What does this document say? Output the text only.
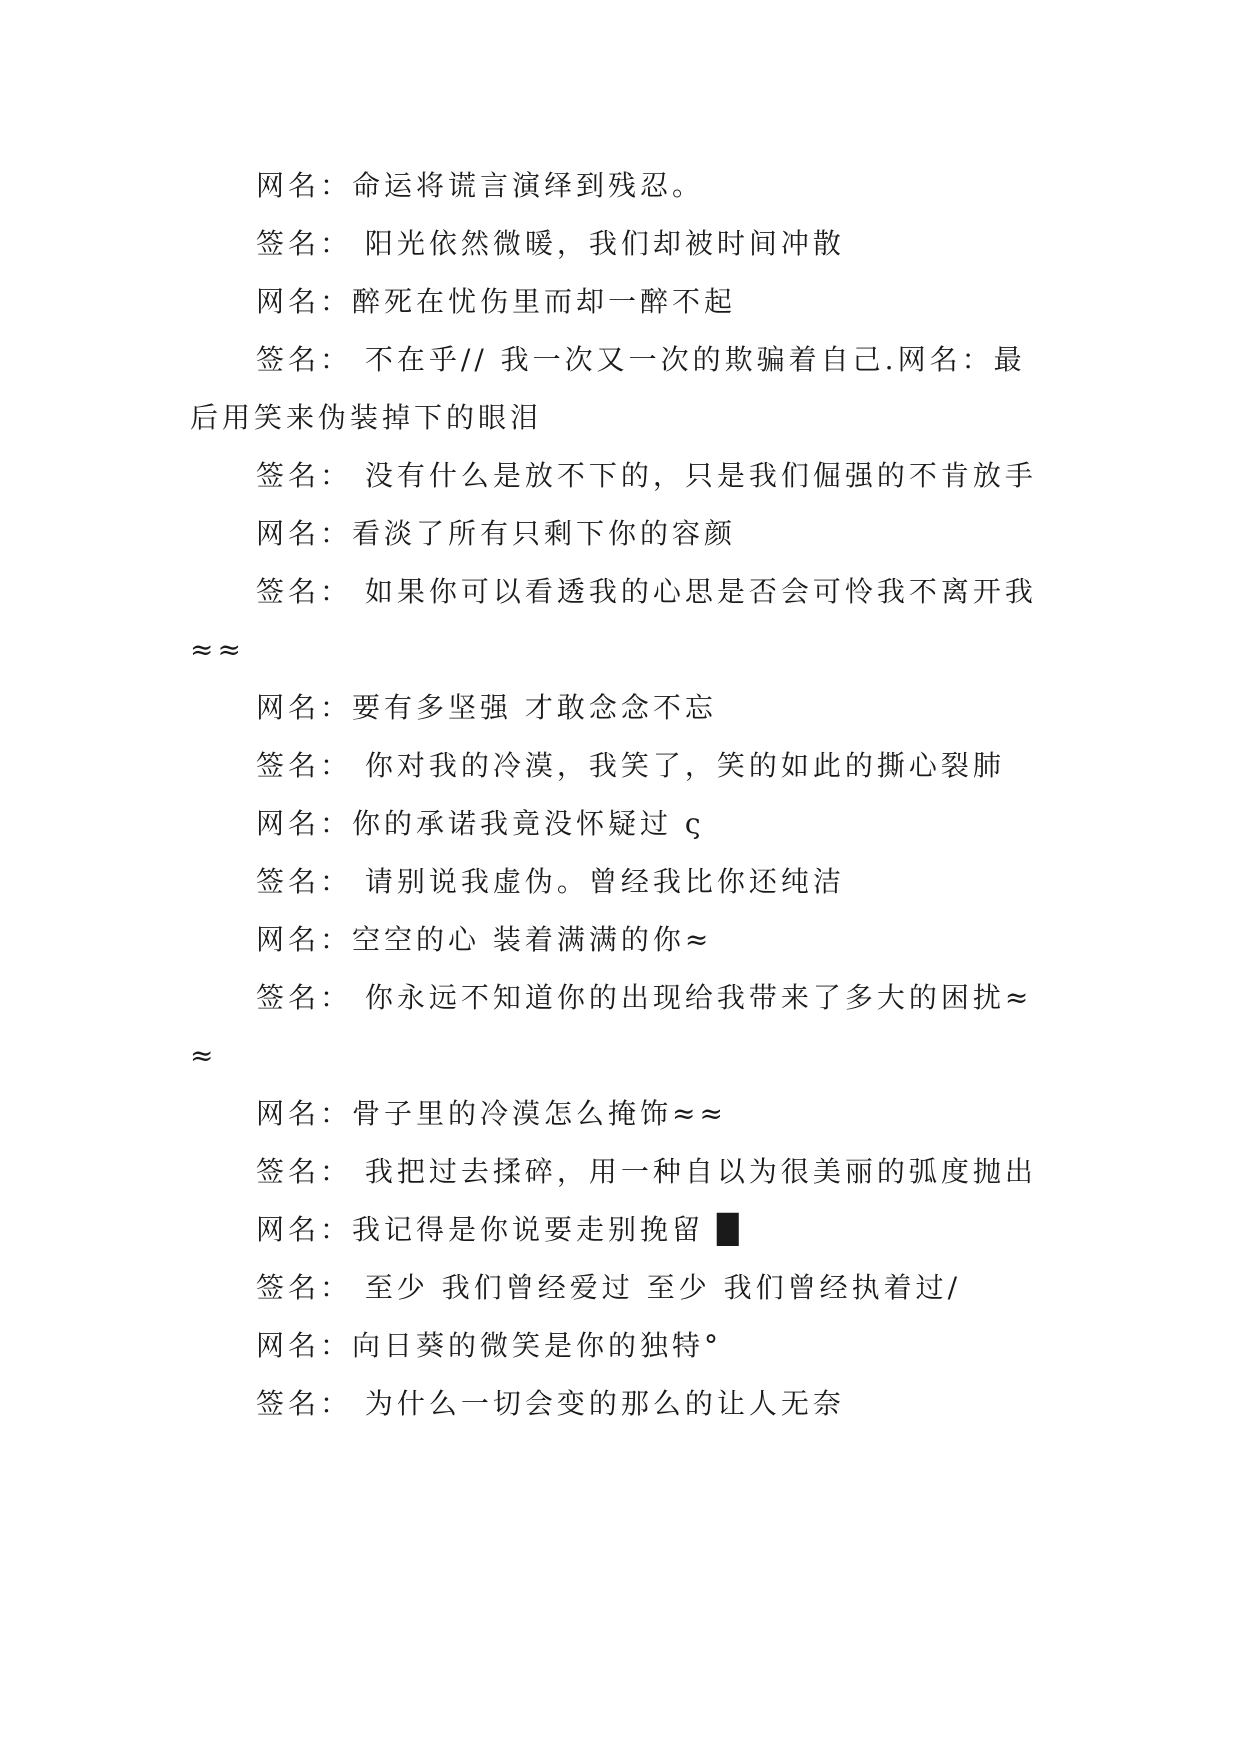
网名：命运将谎言演绎到残忍。

签名： 阳光依然微暖，我们却被时间冲散

网名：醉死在忧伤里而却一醉不起

签名： 不在乎// 我一次又一次的欺骗着自己.网名：最后用笑来伪装掉下的眼泪

签名： 没有什么是放不下的，只是我们倔强的不肯放手

网名：看淡了所有只剩下你的容颜

签名： 如果你可以看透我的心思是否会可怜我不离开我 ≈≈

网名：要有多坚强 才敢念念不忘

签名： 你对我的冷漠，我笑了，笑的如此的撕心裂肺

网名：你的承诺我竟没怀疑过 ς

签名： 请别说我虚伪。曾经我比你还纯洁

网名：空空的心 装着满满的你≈

签名： 你永远不知道你的出现给我带来了多大的困扰≈≈

网名：骨子里的冷漠怎么掩饰≈≈

签名： 我把过去揉碎，用一种自以为很美丽的弧度抛出

网名：我记得是你说要走别挽留 █

签名： 至少 我们曾经爱过 至少 我们曾经执着过/

网名：向日葵的微笑是你的独特°

签名： 为什么一切会变的那么的让人无奈
